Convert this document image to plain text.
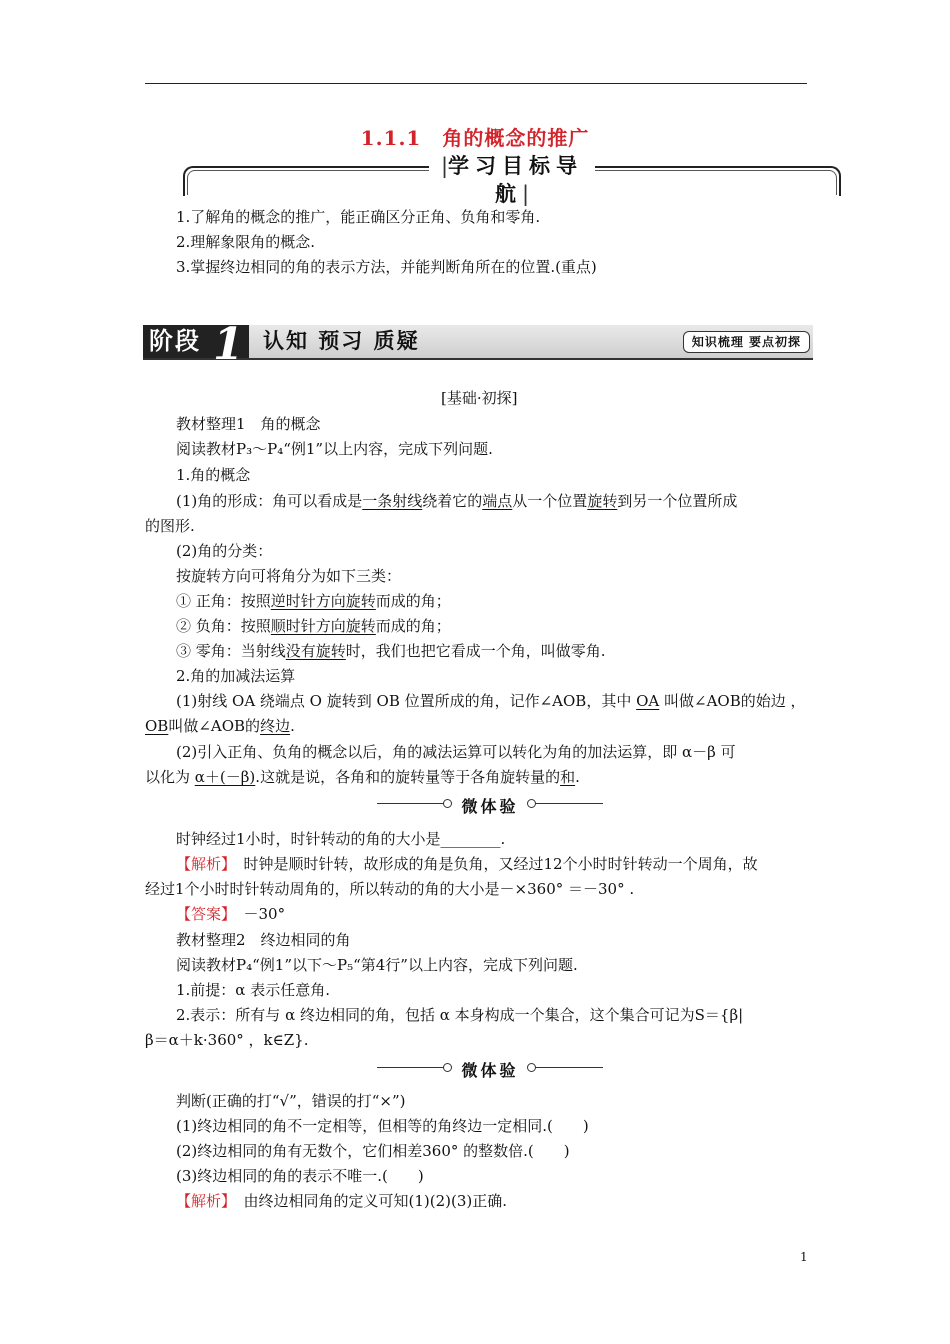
1.1.1　角的概念的推广
|学习目标导航|
1.了解角的概念的推广，能正确区分正角、负角和零角.
2.理解象限角的概念.
3.掌握终边相同的角的表示方法，并能判断角所在的位置.(重点)
阶段 1 认知 预习 质疑	知识梳理 要点初探
[基础·初探]
教材整理1　角的概念
阅读教材P₃～P₄“例1”以上内容，完成下列问题.
1.角的概念
(1)角的形成：角可以看成是一条射线绕着它的端点从一个位置旋转到另一个位置所成
的图形.
(2)角的分类：
按旋转方向可将角分为如下三类：
① 正角：按照逆时针方向旋转而成的角；
② 负角：按照顺时针方向旋转而成的角；
③ 零角：当射线没有旋转时，我们也把它看成一个角，叫做零角.
2.角的加减法运算
(1)射线 OA 绕端点 O 旋转到 OB 位置所成的角，记作∠AOB，其中 OA 叫做∠AOB的始边 ，
OB叫做∠AOB的终边.
(2)引入正角、负角的概念以后，角的减法运算可以转化为角的加法运算，即 α－β 可
以化为 α＋(－β).这就是说，各角和的旋转量等于各角旋转量的和.
微体验
时钟经过1小时，时针转动的角的大小是________.
【解析】　时钟是顺时针转，故形成的角是负角，又经过12个小时时针转动一个周角，故
经过1个小时时针转动周角的，所以转动的角的大小是－×360° ＝－30° .
【答案】　－30°
教材整理2　终边相同的角
阅读教材P₄“例1”以下～P₅“第4行”以上内容，完成下列问题.
1.前提：α 表示任意角.
2.表示：所有与 α 终边相同的角，包括 α 本身构成一个集合，这个集合可记为S＝{β|
β＝α＋k·360° ，k∈Z}.
微体验
判断(正确的打“√”，错误的打“×”)
(1)终边相同的角不一定相等，但相等的角终边一定相同.(　　)
(2)终边相同的角有无数个，它们相差360° 的整数倍.(　　)
(3)终边相同的角的表示不唯一.(　　)
【解析】　由终边相同角的定义可知(1)(2)(3)正确.
1
